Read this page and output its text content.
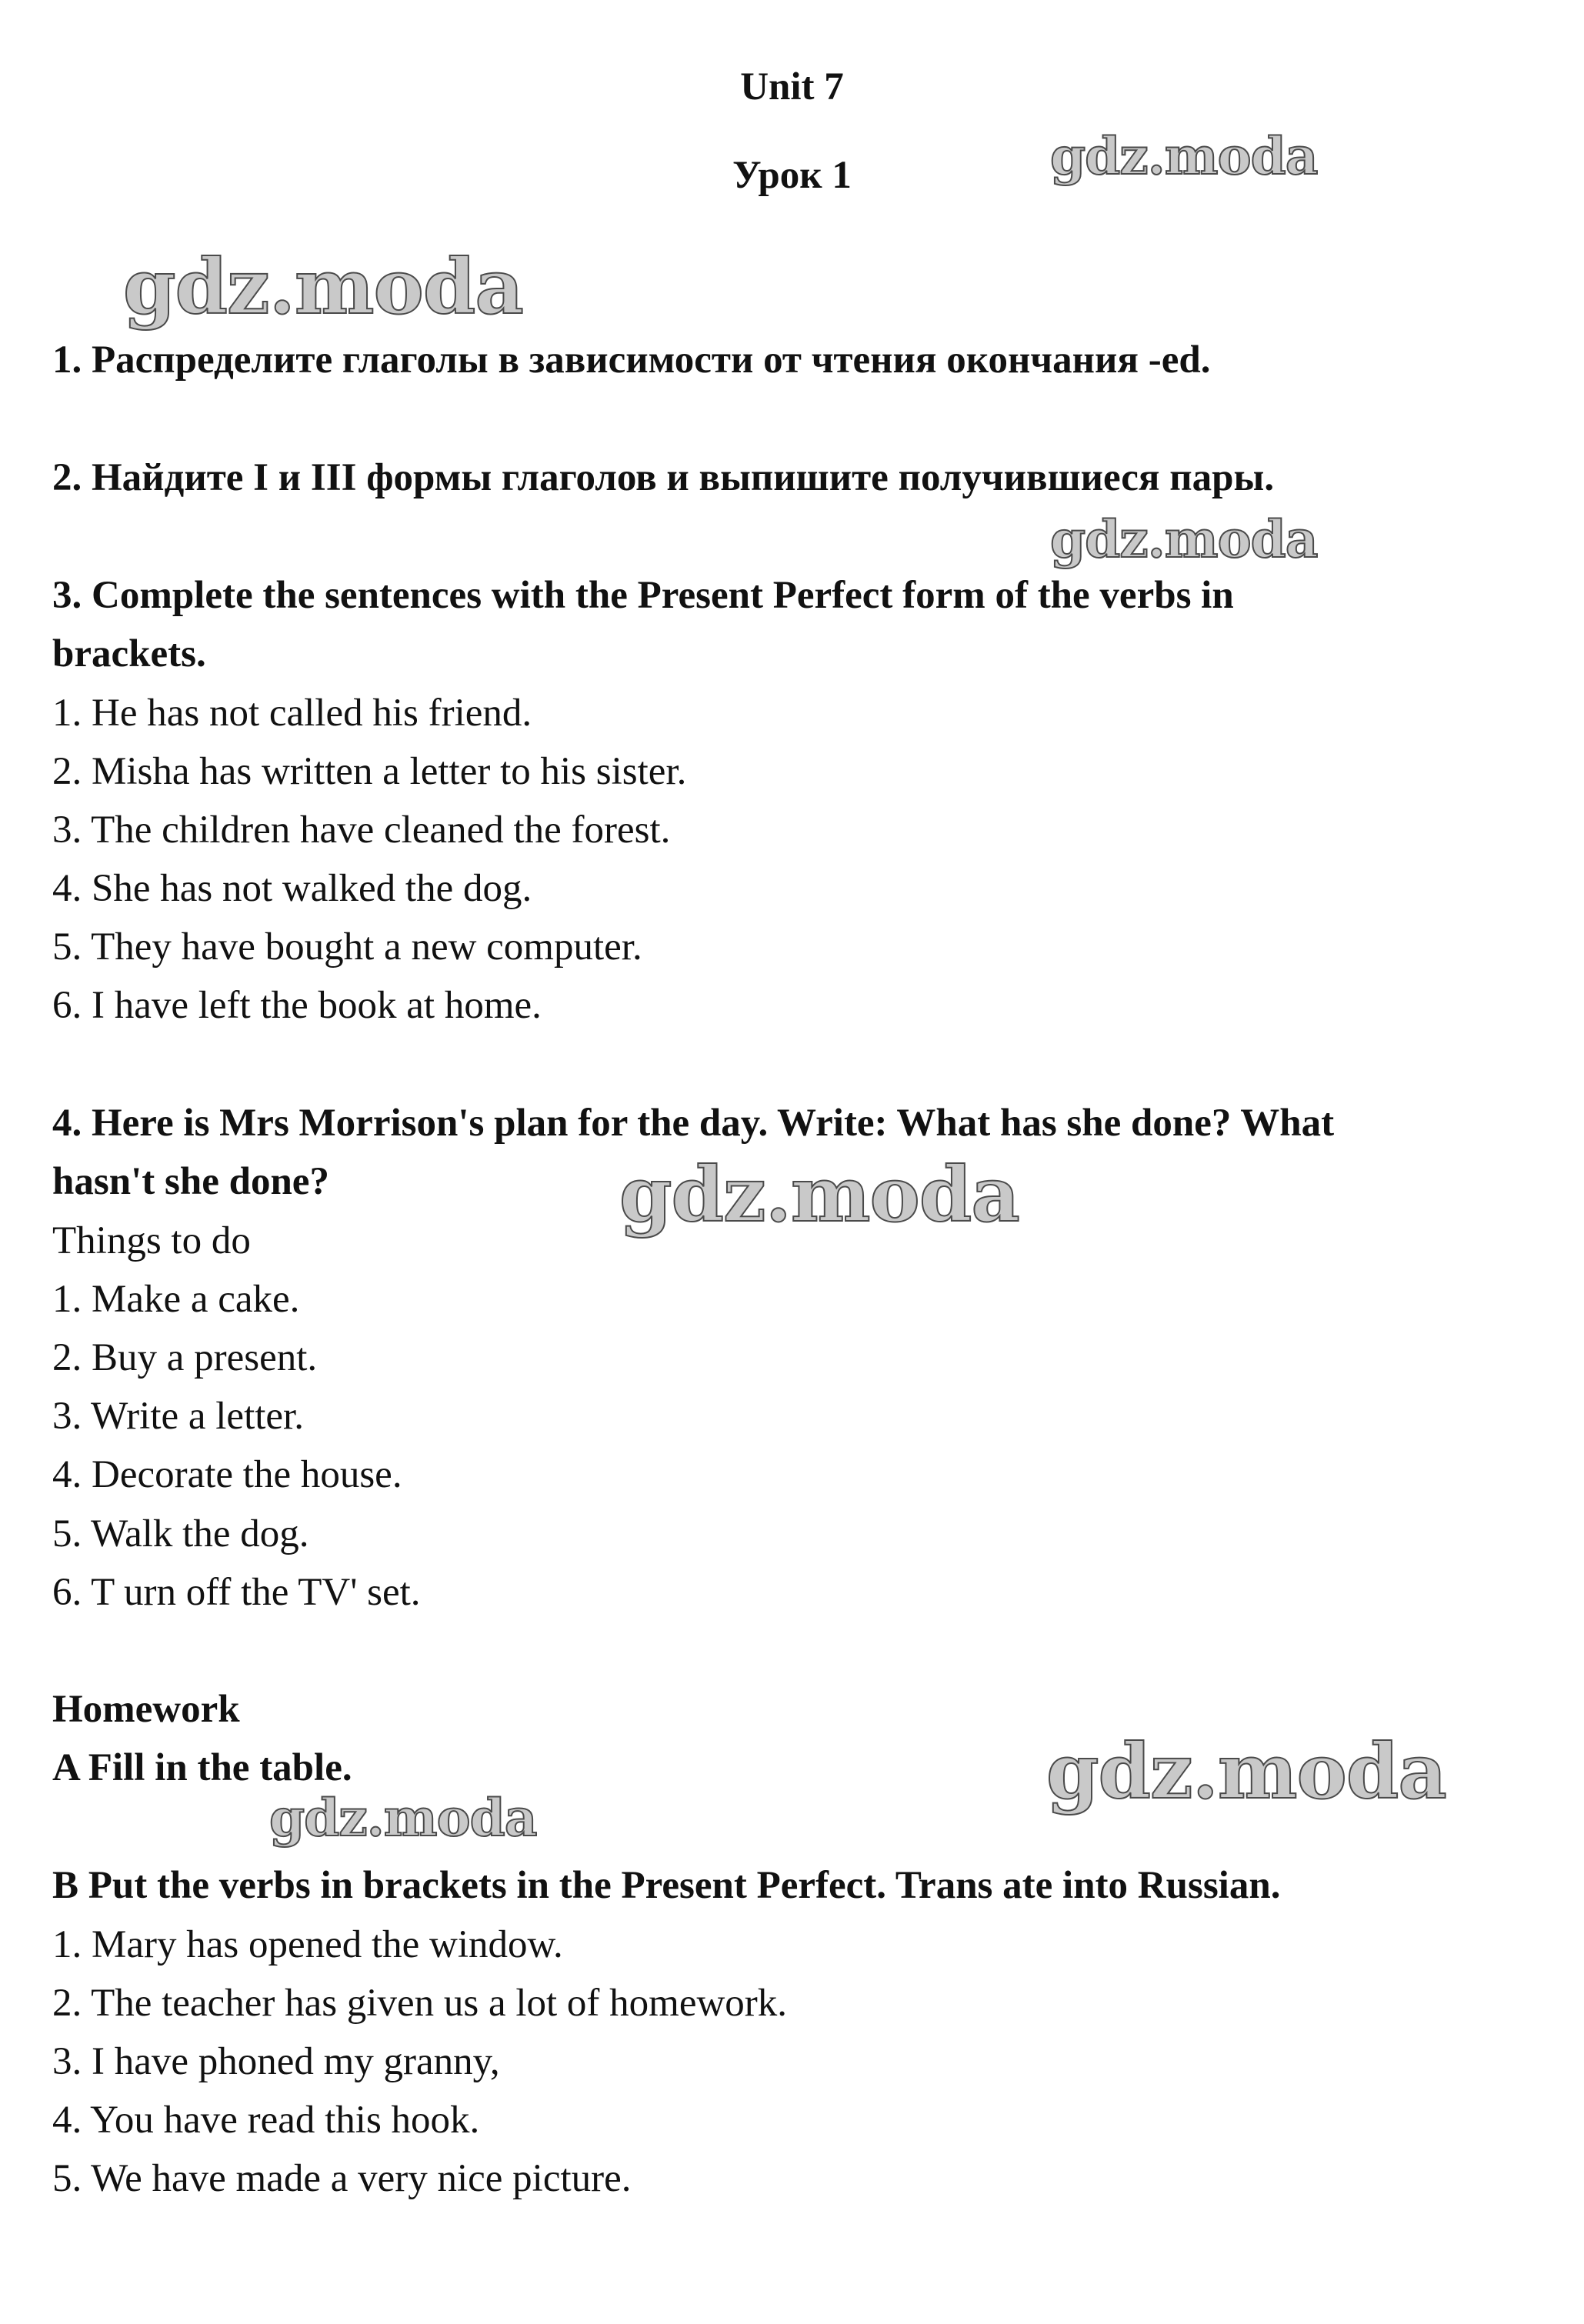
Unit 7
Урок 1	gdz.moda
gdz.moda
gdz.moda
gdz.moda
gdz.moda
gdz.moda
1. Распределите глаголы в зависимости от чтения окончания -ed.
2. Найдите I и III формы глаголов и выпишите получившиеся пары.
3. Complete the sentences with the Present Perfect form of the verbs in
brackets.
1. He has not called his friend.
2. Misha has written a letter to his sister.
3. The children have cleaned the forest.
4. She has not walked the dog.
5. They have bought a new computer.
6. I have left the book at home.
4. Here is Mrs Morrison's plan for the day. Write: What has she done? What
hasn't she done?
Things to do
1. Make a cake.
2. Buy a present.
3. Write a letter.
4. Decorate the house.
5. Walk the dog.
6. T urn off the TV' set.
Homework
A Fill in the table.
B Put the verbs in brackets in the Present Perfect. Trans ate into Russian.
1. Mary has opened the window.
2. The teacher has given us a lot of homework.
3. I have phoned my granny,
4. You have read this hook.
5. We have made a very nice picture.
